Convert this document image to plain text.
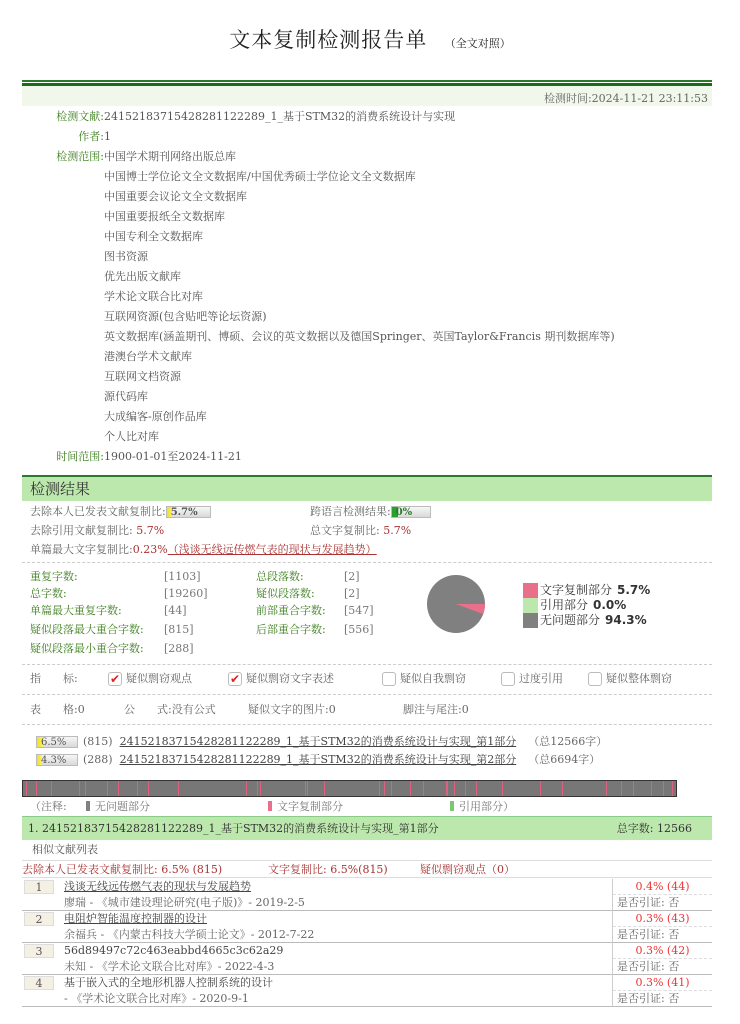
文本复制检测报告单 （全文对照）
检测时间:2024-11-21 23:11:53
检测文献: 24152183715428281122289_1_基于STM32的消费系统设计与实现
作者: 1
检测范围: 中国学术期刊网络出版总库
中国博士学位论文全文数据库/中国优秀硕士学位论文全文数据库
中国重要会议论文全文数据库
中国重要报纸全文数据库
中国专利全文数据库
图书资源
优先出版文献库
学术论文联合比对库
互联网资源(包含贴吧等论坛资源)
英文数据库(涵盖期刊、博硕、会议的英文数据以及德国Springer、英国Taylor&Francis 期刊数据库等)
港澳台学术文献库
互联网文档资源
源代码库
大成编客-原创作品库
个人比对库
时间范围: 1900-01-01至2024-11-21
检测结果
去除本人已发表文献复制比: 5.7%	跨语言检测结果: 0%
去除引用文献复制比: 5.7%	总文字复制比: 5.7%
单篇最大文字复制比:0.23%（浅谈无线远传燃气表的现状与发展趋势）
重复字数:	[1103]
总字数:	[19260]
单篇最大重复字数:	[44]
疑似段落最大重合字数: [815]
疑似段落最小重合字数: [288]
总段落数:	[2]
疑似段落数:	[2]
前部重合字数: [547]
后部重合字数: [556]
文字复制部分 5.7%
引用部分 0.0%
无问题部分 94.3%
指　　标:	✔ 疑似剽窃观点	✔ 疑似剽窃文字表述	疑似自我剽窃	过度引用	疑似整体剽窃
表　　格:0	公　　式:没有公式	疑似文字的图片:0	脚注与尾注:0
6.5%	(815) 24152183715428281122289_1_基于STM32的消费系统设计与实现_第1部分 （总12566字）
4.3%	(288) 24152183715428281122289_1_基于STM32的消费系统设计与实现_第2部分 （总6694字）
（注释:	无问题部分	文字复制部分	引用部分）
1. 24152183715428281122289_1_基于STM32的消费系统设计与实现_第1部分	总字数: 12566
相似文献列表
去除本人已发表文献复制比: 6.5% (815)	文字复制比: 6.5%(815)	疑似剽窃观点（0）
1	浅谈无线远传燃气表的现状与发展趋势
廖瑞 - 《城市建设理论研究(电子版)》- 2019-2-5
0.4% (44)
是否引证: 否
2	电阻炉智能温度控制器的设计
余福兵 - 《内蒙古科技大学硕士论文》- 2012-7-22
0.3% (43)
是否引证: 否
3	56d89497c72c463eabbd4665c3c62a29
未知 - 《学术论文联合比对库》- 2022-4-3
0.3% (42)
是否引证: 否
4	基于嵌入式的全地形机器人控制系统的设计
- 《学术论文联合比对库》- 2020-9-1
0.3% (41)
是否引证: 否
